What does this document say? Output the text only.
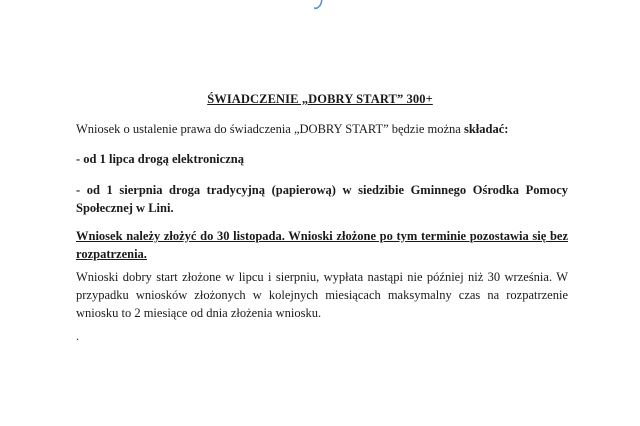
ŚWIADCZENIE „DOBRY START” 300+
Wniosek o ustalenie prawa do świadczenia „DOBRY START” będzie można składać:
- od 1 lipca drogą elektroniczną
- od 1 sierpnia droga tradycyjną (papierową) w siedzibie Gminnego Ośrodka Pomocy Społecznej w Lini.
Wniosek należy złożyć do 30 listopada. Wnioski złożone po tym terminie pozostawia się bez rozpatrzenia.
Wnioski dobry start złożone w lipcu i sierpniu, wypłata nastąpi nie później niż 30 września. W przypadku wniosków złożonych w kolejnych miesiącach maksymalny czas na rozpatrzenie wniosku to 2 miesiące od dnia złożenia wniosku.
.
